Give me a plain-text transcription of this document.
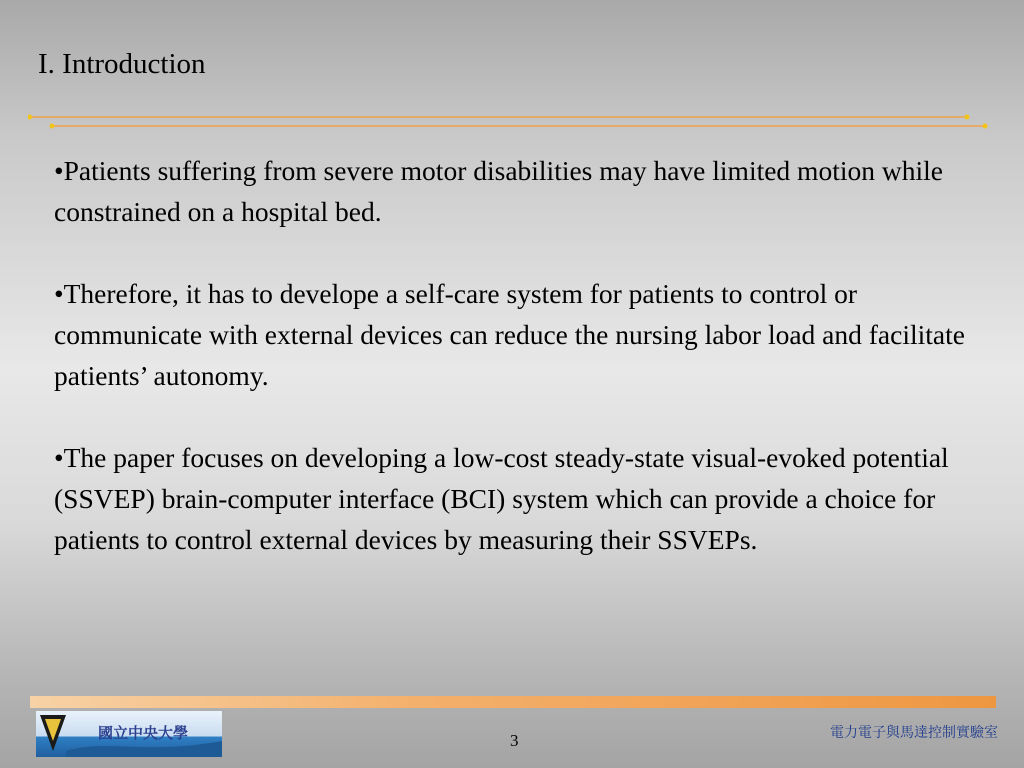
I. Introduction

•Patients suffering from severe motor disabilities may have limited motion while constrained on a hospital bed.

•Therefore, it has to develope a self-care system for patients to control or communicate with external devices can reduce the nursing labor load and facilitate patients’ autonomy.

•The paper focuses on developing a low-cost steady-state visual-evoked potential (SSVEP) brain-computer interface (BCI) system which can provide a choice for patients to control external devices by measuring their SSVEPs.

國立中央大學	3	電力電子與馬達控制實驗室
